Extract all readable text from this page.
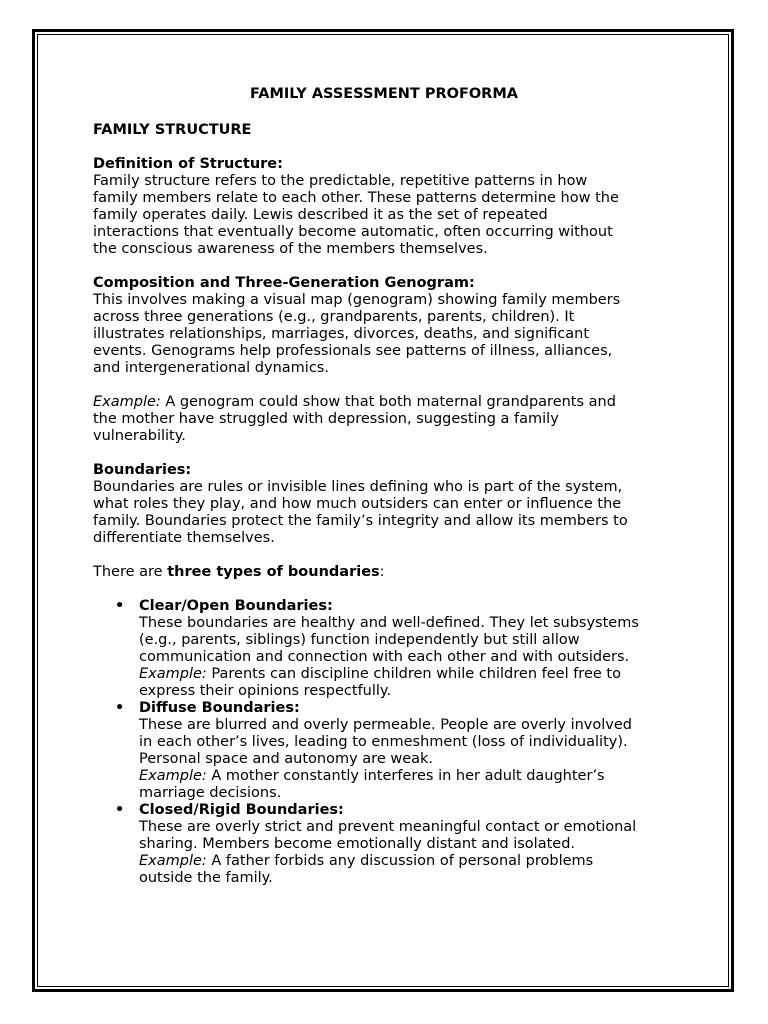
FAMILY ASSESSMENT PROFORMA
FAMILY STRUCTURE
Definition of Structure:
Family structure refers to the predictable, repetitive patterns in how
family members relate to each other. These patterns determine how the
family operates daily. Lewis described it as the set of repeated
interactions that eventually become automatic, often occurring without
the conscious awareness of the members themselves.
Composition and Three-Generation Genogram:
This involves making a visual map (genogram) showing family members
across three generations (e.g., grandparents, parents, children). It
illustrates relationships, marriages, divorces, deaths, and significant
events. Genograms help professionals see patterns of illness, alliances,
and intergenerational dynamics.
Example: A genogram could show that both maternal grandparents and
the mother have struggled with depression, suggesting a family
vulnerability.
Boundaries:
Boundaries are rules or invisible lines defining who is part of the system,
what roles they play, and how much outsiders can enter or influence the
family. Boundaries protect the family’s integrity and allow its members to
differentiate themselves.
There are three types of boundaries:
• Clear/Open Boundaries:
These boundaries are healthy and well-defined. They let subsystems
(e.g., parents, siblings) function independently but still allow
communication and connection with each other and with outsiders.
Example: Parents can discipline children while children feel free to
express their opinions respectfully.
• Diffuse Boundaries:
These are blurred and overly permeable. People are overly involved
in each other’s lives, leading to enmeshment (loss of individuality).
Personal space and autonomy are weak.
Example: A mother constantly interferes in her adult daughter’s
marriage decisions.
• Closed/Rigid Boundaries:
These are overly strict and prevent meaningful contact or emotional
sharing. Members become emotionally distant and isolated.
Example: A father forbids any discussion of personal problems
outside the family.
